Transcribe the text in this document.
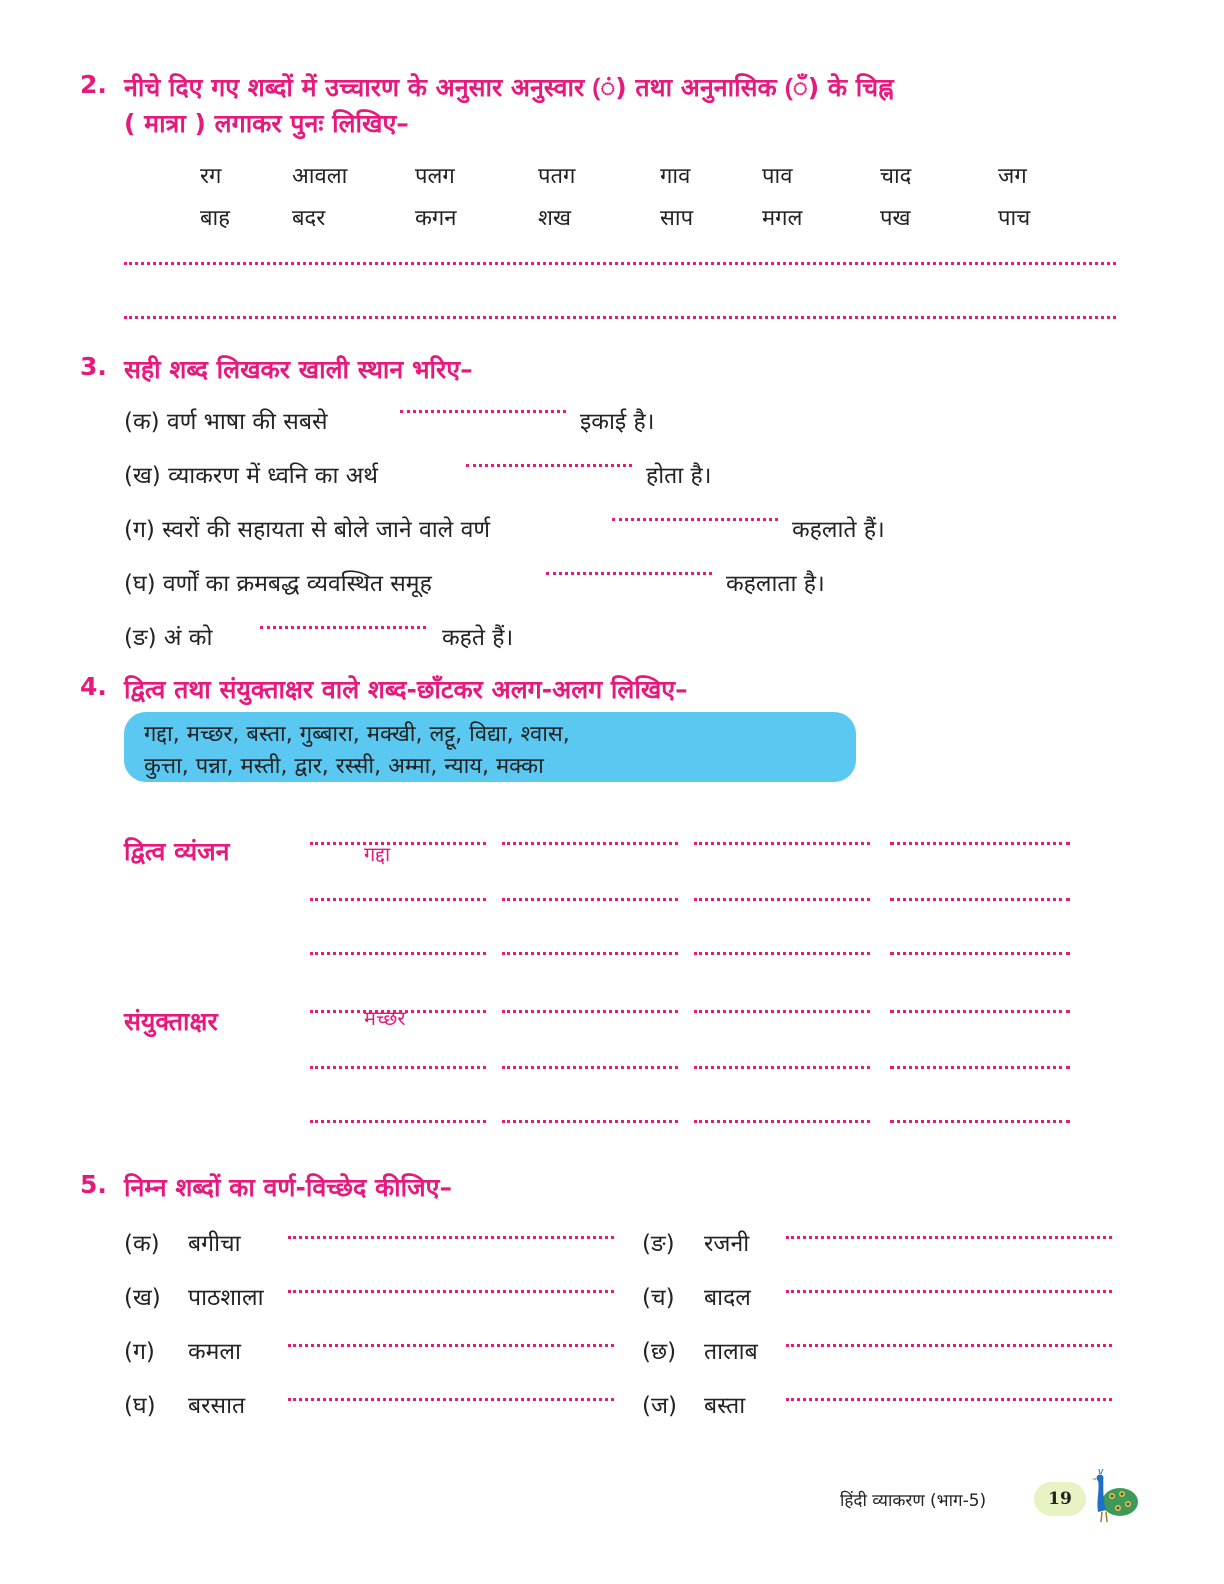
2. नीचे दिए गए शब्दों में उच्चारण के अनुसार अनुस्वार (ं) तथा अनुनासिक (ँ) के चिह्न
( मात्रा ) लगाकर पुनः लिखिए–
रग	आवला	पलग	पतग	गाव	पाव	चाद	जग
बाह	बदर	कगन	शख	साप	मगल	पख	पाच
3. सही शब्द लिखकर खाली स्थान भरिए–
(क) वर्ण भाषा की सबसे	इकाई है।
(ख) व्याकरण में ध्वनि का अर्थ	होता है।
(ग) स्वरों की सहायता से बोले जाने वाले वर्ण	कहलाते हैं।
(घ) वर्णों का क्रमबद्ध व्यवस्थित समूह	कहलाता है।
(ङ) अं को	कहते हैं।
4. द्वित्व तथा संयुक्ताक्षर वाले शब्द-छाँटकर अलग-अलग लिखिए–
गद्दा, मच्छर, बस्ता, गुब्बारा, मक्खी, लट्टू, विद्या, श्वास,
कुत्ता, पन्ना, मस्ती, द्वार, रस्सी, अम्मा, न्याय, मक्का
द्वित्व व्यंजन	गद्दा
संयुक्ताक्षर	मच्छर
5. निम्न शब्दों का वर्ण-विच्छेद कीजिए–
(क) बगीचा
(ख) पाठशाला
(ग) कमला
(घ) बरसात
(ङ) रजनी
(च) बादल
(छ) तालाब
(ज) बस्ता
हिंदी व्याकरण (भाग-5)	19
